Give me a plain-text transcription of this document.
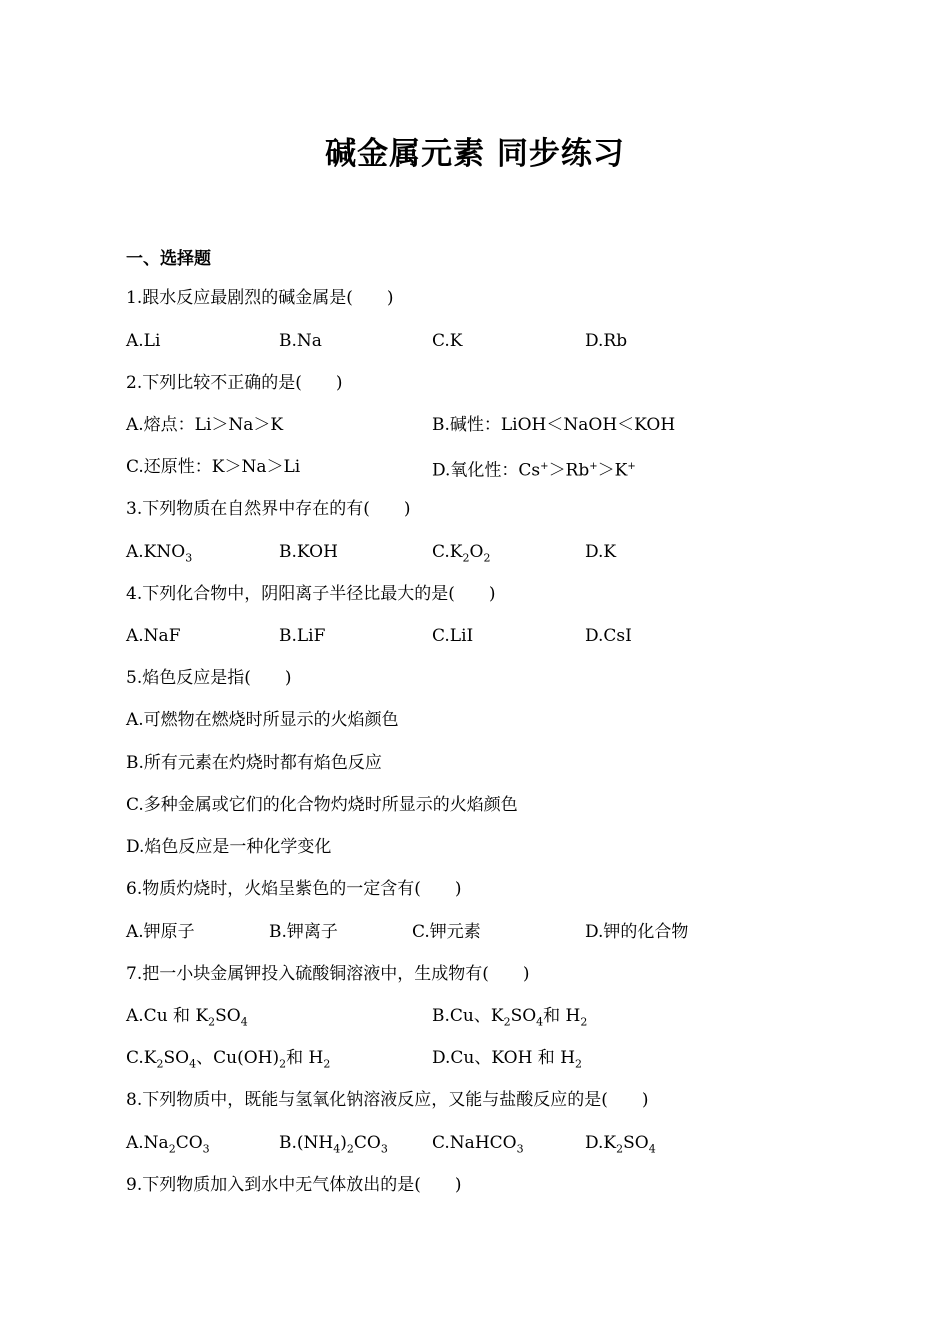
碱金属元素 同步练习
一、选择题
1.跟水反应最剧烈的碱金属是(　　)
A.Li	B.Na	C.K	D.Rb
2.下列比较不正确的是(　　)
A.熔点：Li＞Na＞K	B.碱性：LiOH＜NaOH＜KOH
C.还原性：K＞Na＞Li	D.氧化性：Cs+＞Rb+＞K+
3.下列物质在自然界中存在的有(　　)
$A.KNO_3$	B.KOH	$C.K_2O_2$	D.K
4.下列化合物中，阴阳离子半径比最大的是(　　)
A.NaF	B.LiF	C.LiI	D.CsI
5.焰色反应是指(　　)
A.可燃物在燃烧时所显示的火焰颜色
B.所有元素在灼烧时都有焰色反应
C.多种金属或它们的化合物灼烧时所显示的火焰颜色
D.焰色反应是一种化学变化
6.物质灼烧时，火焰呈紫色的一定含有(　　)
A.钾原子	B.钾离子	C.钾元素	D.钾的化合物
7.把一小块金属钾投入硫酸铜溶液中，生成物有(　　)
A.Cu 和 $K_2SO_4$	B.Cu、$K_2SO_4$和 $H_2$
$C.K_2SO_4$、$Cu(OH)_2$和 $H_2$	D.Cu、KOH 和 $H_2$
8.下列物质中，既能与氢氧化钠溶液反应，又能与盐酸反应的是(　　)
$A.Na_2CO_3$	$B.(NH_4)_2CO_3$	C.NaHCO$_3$	$D.K_2SO_4$
9.下列物质加入到水中无气体放出的是(　　)
